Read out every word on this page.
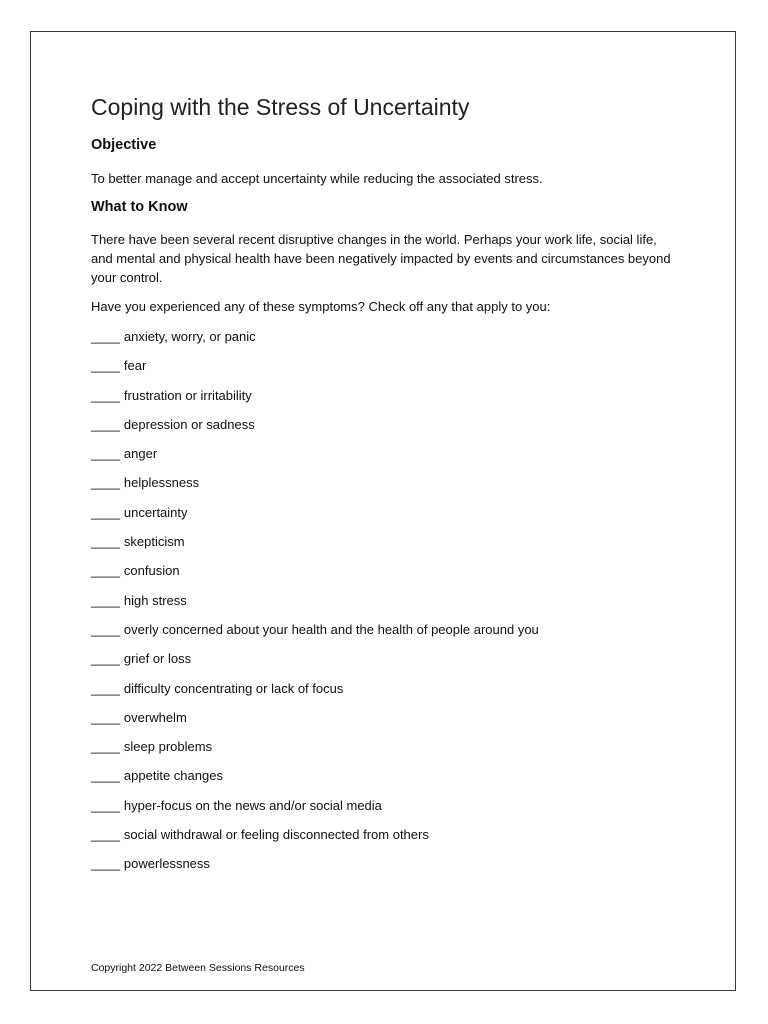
Coping with the Stress of Uncertainty
Objective

To better manage and accept uncertainty while reducing the associated stress.

What to Know

There have been several recent disruptive changes in the world. Perhaps your work life, social life, and mental and physical health have been negatively impacted by events and circumstances beyond your control.

Have you experienced any of these symptoms? Check off any that apply to you:

____ anxiety, worry, or panic
____ fear
____ frustration or irritability
____ depression or sadness
____ anger
____ helplessness
____ uncertainty
____ skepticism
____ confusion
____ high stress
____ overly concerned about your health and the health of people around you
____ grief or loss
____ difficulty concentrating or lack of focus
____ overwhelm
____ sleep problems
____ appetite changes
____ hyper-focus on the news and/or social media
____ social withdrawal or feeling disconnected from others
____ powerlessness

Copyright 2022 Between Sessions Resources
